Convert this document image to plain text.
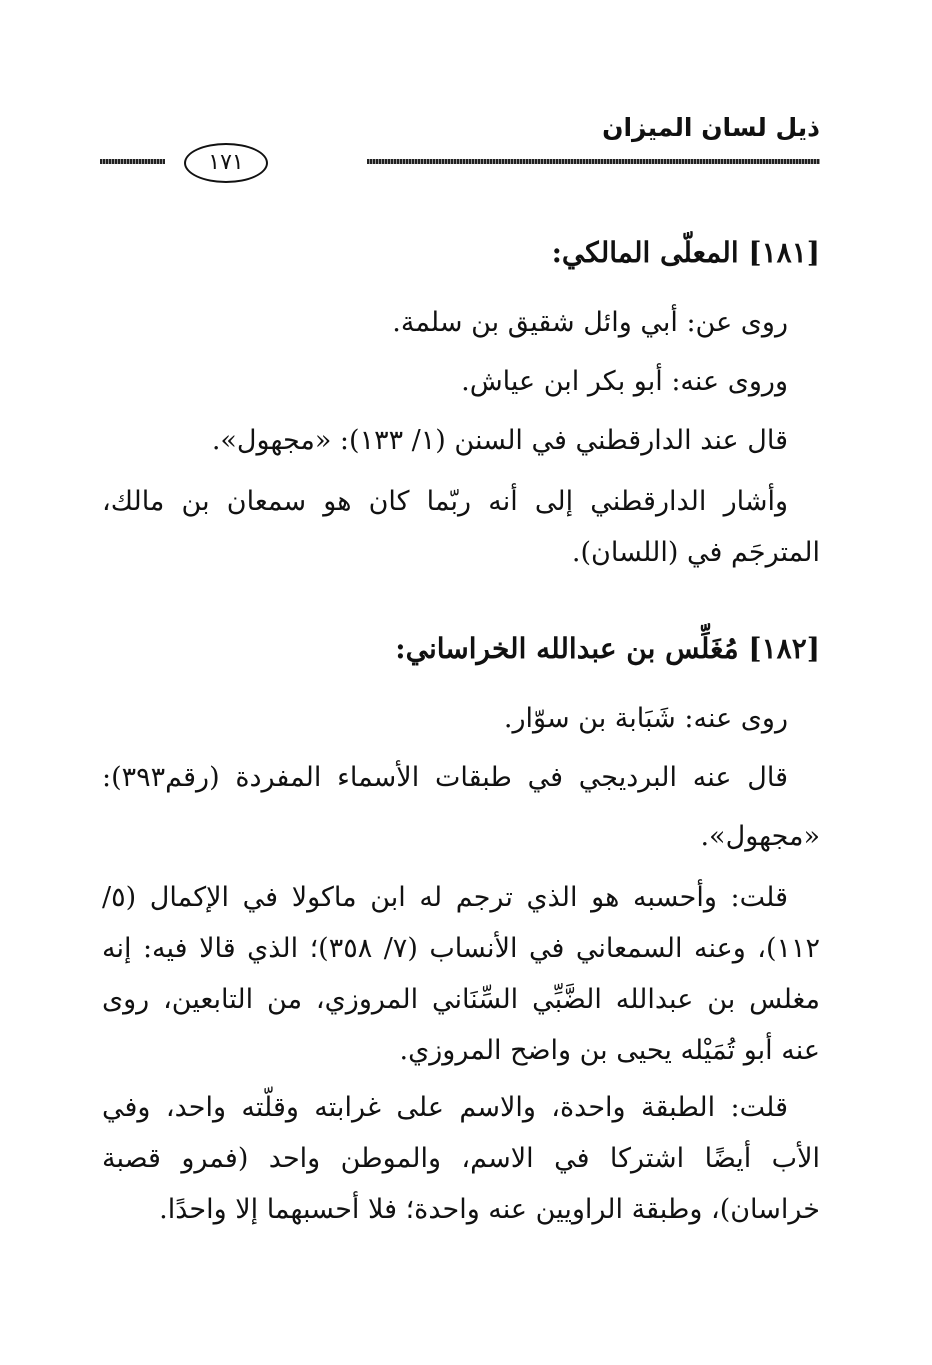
ذيل لسان الميزان
١٧١

[١٨١] المعلّى المالكي:

روى عن: أبي وائل شقيق بن سلمة.

وروى عنه: أبو بكر ابن عياش.

قال عند الدارقطني في السنن (١/ ١٣٣): «مجهول».

وأشار الدارقطني إلى أنه ربّما كان هو سمعان بن مالك، المترجَم في (اللسان).

[١٨٢] مُغَلِّس بن عبدالله الخراساني:

روى عنه: شَبَابة بن سوّار.

قال عنه البرديجي في طبقات الأسماء المفردة (رقم٣٩٣): «مجهول».

قلت: وأحسبه هو الذي ترجم له ابن ماكولا في الإكمال (٥/ ١١٢)، وعنه السمعاني في الأنساب (٧/ ٣٥٨)؛ الذي قالا فيه: إنه مغلس بن عبدالله الضَّبِّي السِّنَاني المروزي، من التابعين، روى عنه أبو تُمَيْله يحيى بن واضح المروزي.

قلت: الطبقة واحدة، والاسم على غرابته وقلّته واحد، وفي الأب أيضًا اشتركا في الاسم، والموطن واحد (فمرو قصبة خراسان)، وطبقة الراويين عنه واحدة؛ فلا أحسبهما إلا واحدًا.
